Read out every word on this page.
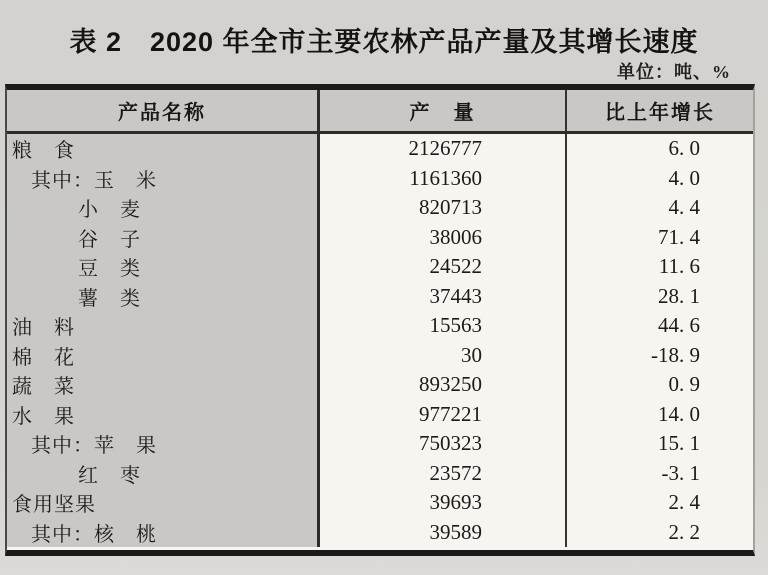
表 2　2020 年全市主要农林产品产量及其增长速度
单位：吨、%
产品名称	产　量	比上年增长
粮　食	2126777	6. 0
其中：玉　米	1161360	4. 0
小　麦	820713	4. 4
谷　子	38006	71. 4
豆　类	24522	11. 6
薯　类	37443	28. 1
油　料	15563	44. 6
棉　花	30	-18. 9
蔬　菜	893250	0. 9
水　果	977221	14. 0
其中：苹　果	750323	15. 1
红　枣	23572	-3. 1
食用坚果	39693	2. 4
其中：核　桃	39589	2. 2
